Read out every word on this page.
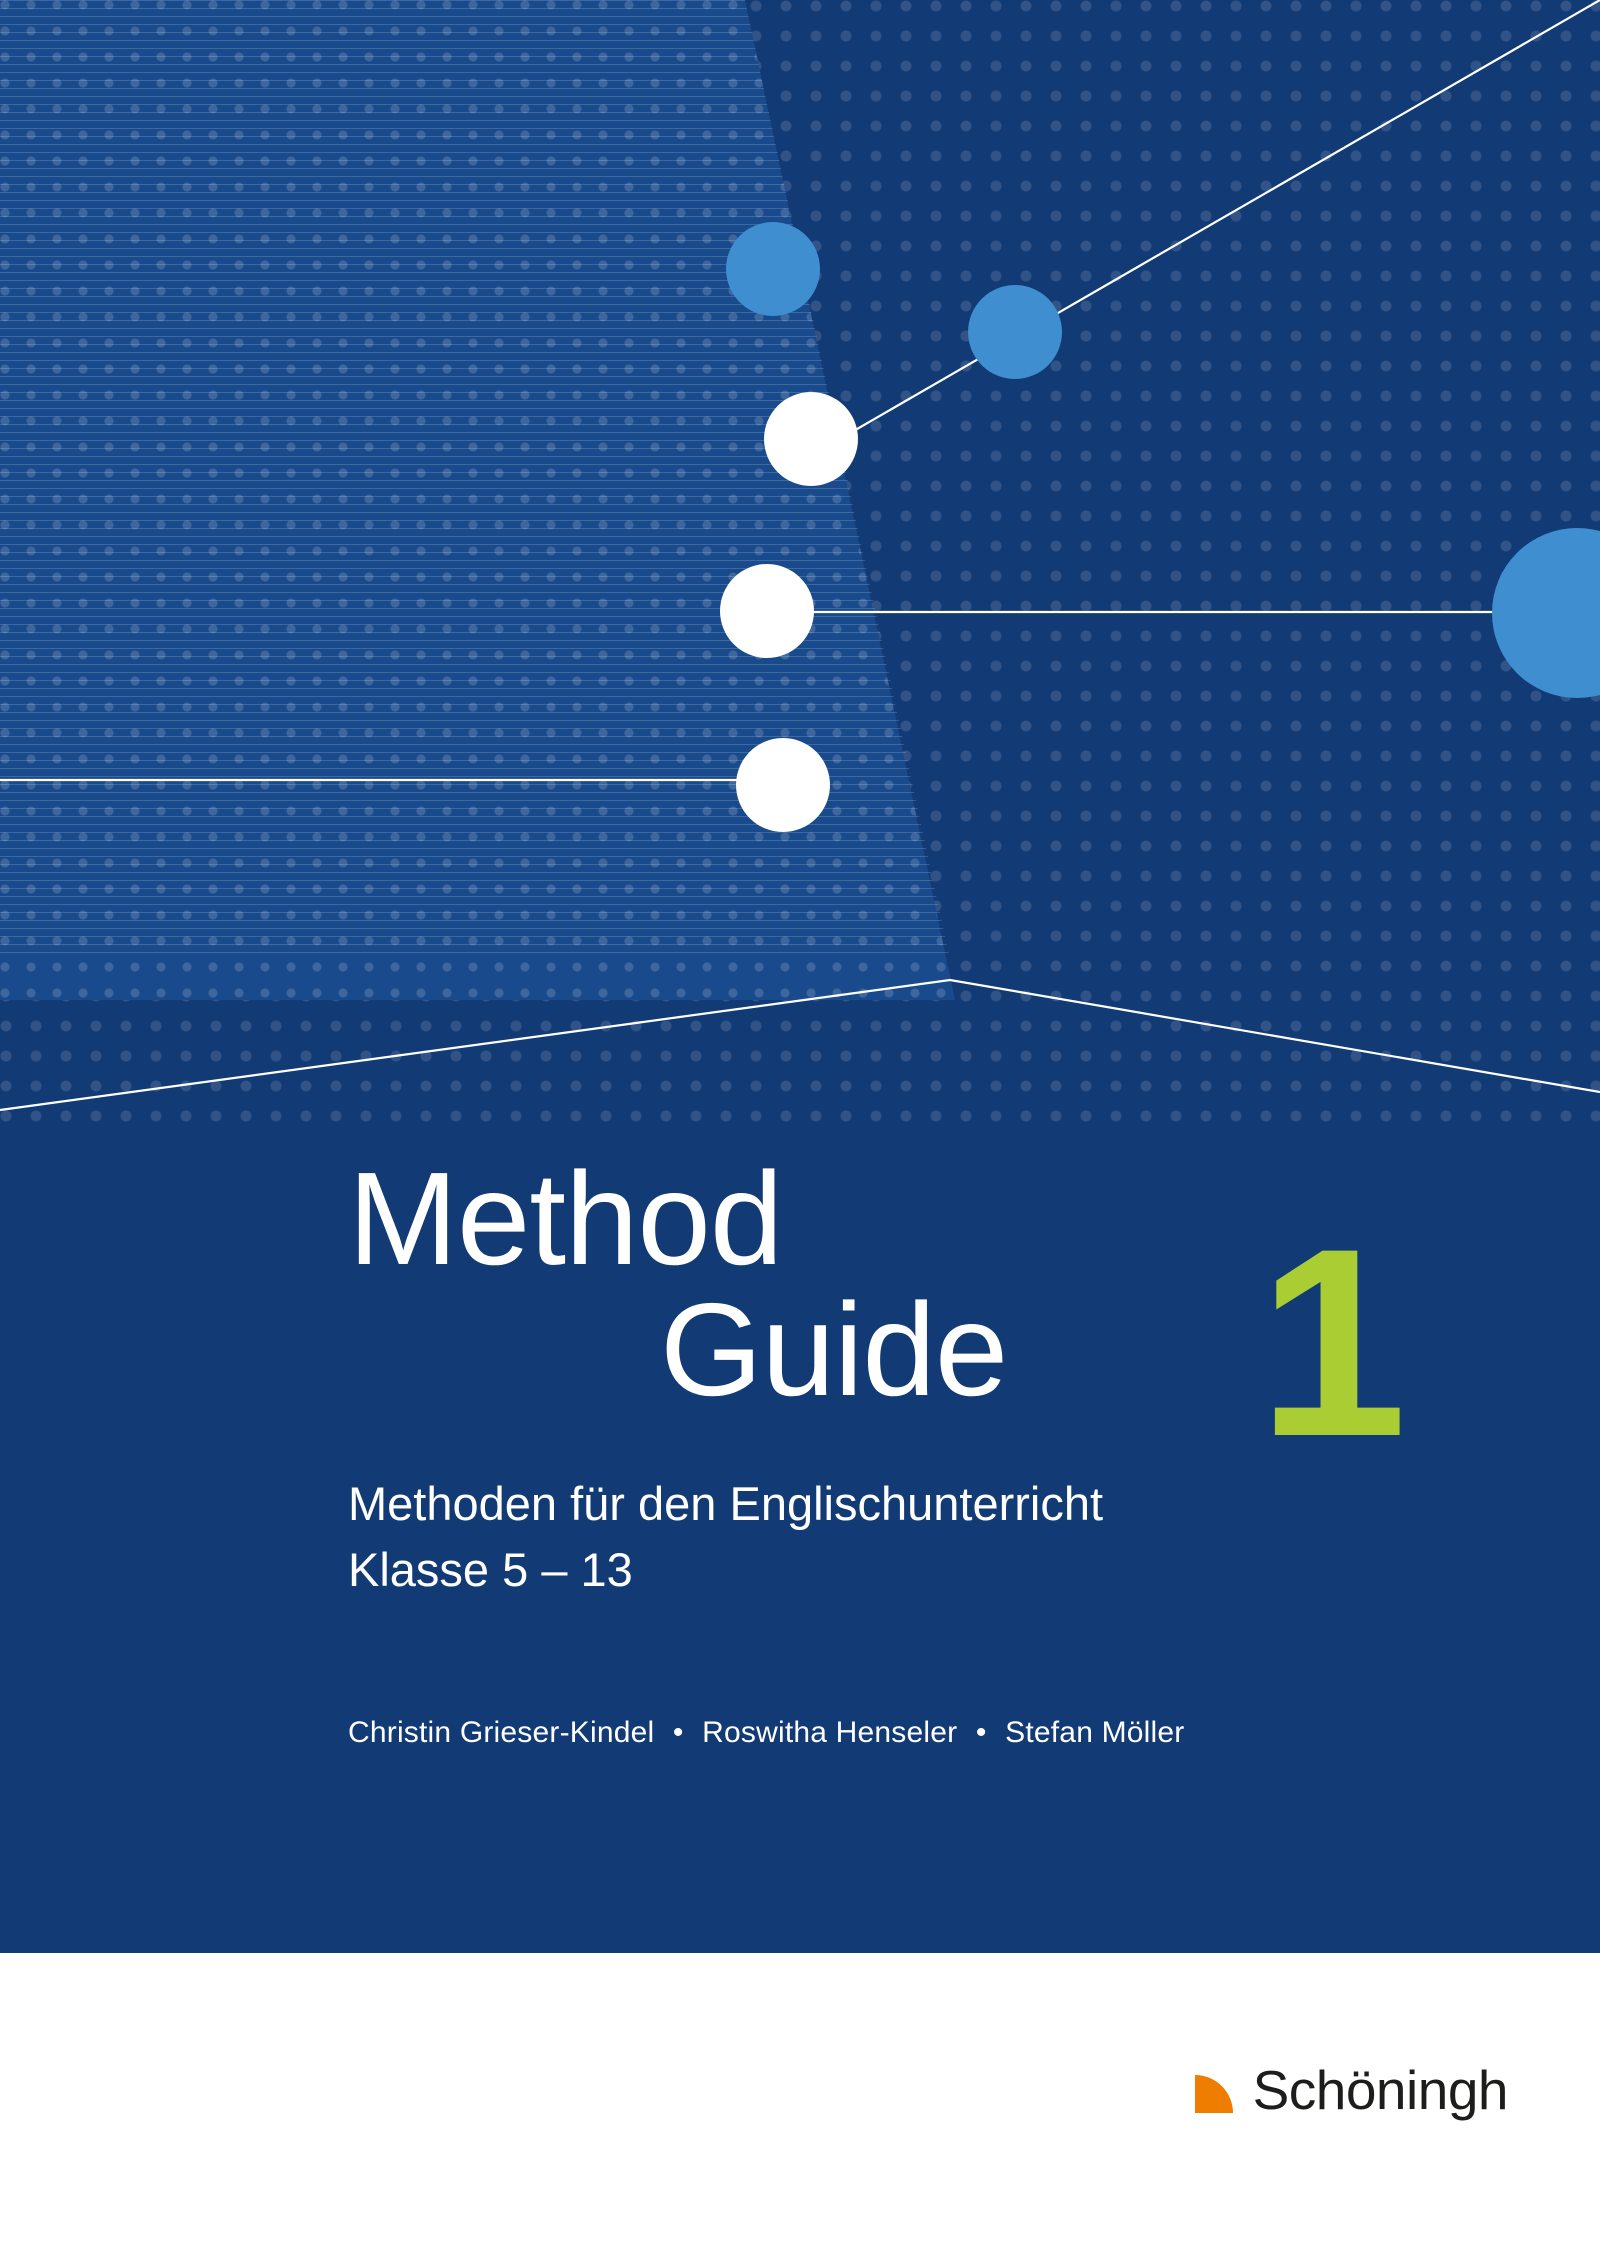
Method
Guide 1
Methoden für den Englischunterricht
Klasse 5 – 13
Christin Grieser-Kindel • Roswitha Henseler • Stefan Möller
Schöningh
